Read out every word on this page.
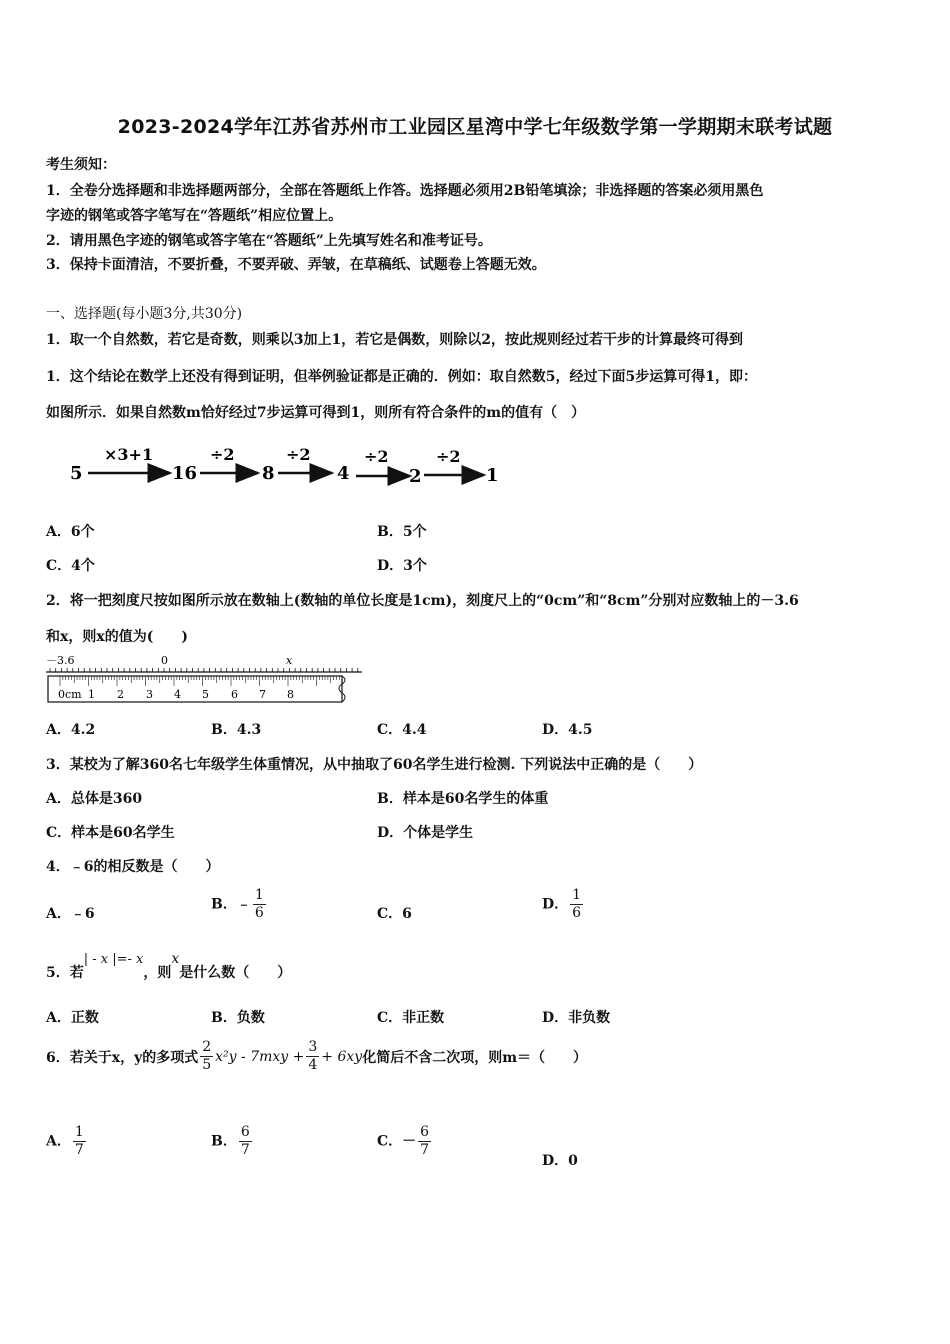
2023-2024学年江苏省苏州市工业园区星湾中学七年级数学第一学期期末联考试题
考生须知：
1．全卷分选择题和非选择题两部分，全部在答题纸上作答。选择题必须用2B铅笔填涂；非选择题的答案必须用黑色
字迹的钢笔或答字笔写在“答题纸”相应位置上。
2．请用黑色字迹的钢笔或答字笔在“答题纸”上先填写姓名和准考证号。
3．保持卡面清洁，不要折叠，不要弄破、弄皱，在草稿纸、试题卷上答题无效。
一、选择题(每小题3分,共30分)
1．取一个自然数，若它是奇数，则乘以3加上1，若它是偶数，则除以2，按此规则经过若干步的计算最终可得到
1．这个结论在数学上还没有得到证明，但举例验证都是正确的．例如：取自然数5，经过下面5步运算可得1，即：
如图所示．如果自然数m恰好经过7步运算可得到1，则所有符合条件的m的值有（　）
5
×3+1
16
÷2
8
÷2
4
÷2
2
÷2
1
A．6个	B．5个
C．4个	D．3个
2．将一把刻度尺按如图所示放在数轴上(数轴的单位长度是1cm)，刻度尺上的“0cm”和“8cm”分别对应数轴上的－3.6
和x，则x的值为(　　)
－3.6	0	x
0cm 1 2 3 4 5 6 7 8
A．4.2	B．4.3	C．4.4	D．4.5
3．某校为了解360名七年级学生体重情况，从中抽取了60名学生进行检测. 下列说法中正确的是（　　）
A．总体是360	B．样本是60名学生的体重
C．样本是60名学生	D．个体是学生
4．﹣6的相反数是（　　）
A．﹣6
B．﹣ $\frac{1}{6}$	C．6
D． $\frac{1}{6}$
5．若| - x |=- x，则x是什么数（　　）
A．正数	B．负数	C．非正数	D．非负数
6．若关于x，y的多项式 $\frac{2}{5} x^2y - 7mxy + \frac{3}{4} + 6xy$ 化简后不含二次项，则m＝（　　）
A． $\frac{1}{7}$	B． $\frac{6}{7}$	C．－ $\frac{6}{7}$
D．0
